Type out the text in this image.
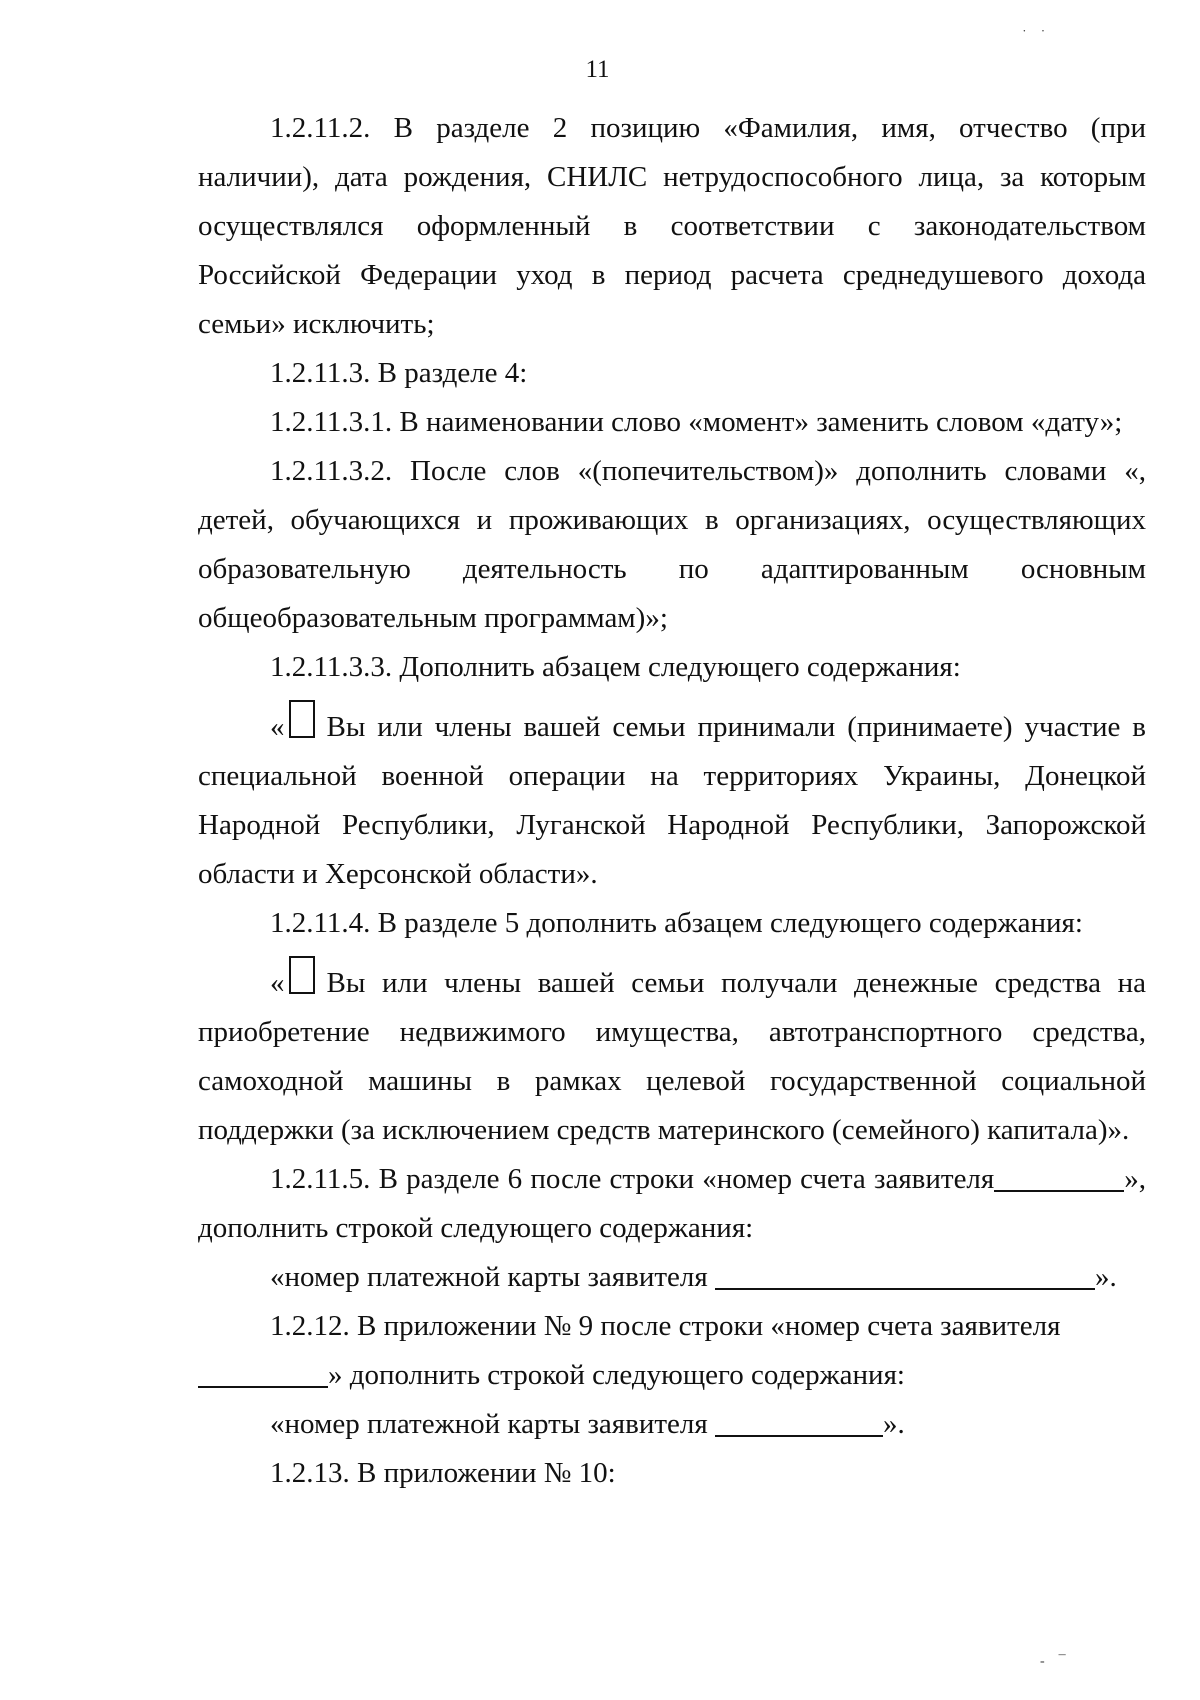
11

1.2.11.2. В разделе 2 позицию «Фамилия, имя, отчество (при наличии), дата рождения, СНИЛС нетрудоспособного лица, за которым осуществлялся оформленный в соответствии с законодательством Российской Федерации уход в период расчета среднедушевого дохода семьи» исключить;

1.2.11.3. В разделе 4:

1.2.11.3.1. В наименовании слово «момент» заменить словом «дату»;

1.2.11.3.2. После слов «(попечительством)» дополнить словами «, детей, обучающихся и проживающих в организациях, осуществляющих образовательную деятельность по адаптированным основным общеобразовательным программам)»;

1.2.11.3.3. Дополнить абзацем следующего содержания:

« Вы или члены вашей семьи принимали (принимаете) участие в специальной военной операции на территориях Украины, Донецкой Народной Республики, Луганской Народной Республики, Запорожской области и Херсонской области».

1.2.11.4. В разделе 5 дополнить абзацем следующего содержания:

« Вы или члены вашей семьи получали денежные средства на приобретение недвижимого имущества, автотранспортного средства, самоходной машины в рамках целевой государственной социальной поддержки (за исключением средств материнского (семейного) капитала)».

1.2.11.5. В разделе 6 после строки «номер счета заявителя	», дополнить строкой следующего содержания:

«номер платежной карты заявителя	».

1.2.12. В приложении № 9 после строки «номер счета заявителя
» дополнить строкой следующего содержания:

«номер платежной карты заявителя	».

1.2.13. В приложении № 10:

˙    ˙
-    ¯
